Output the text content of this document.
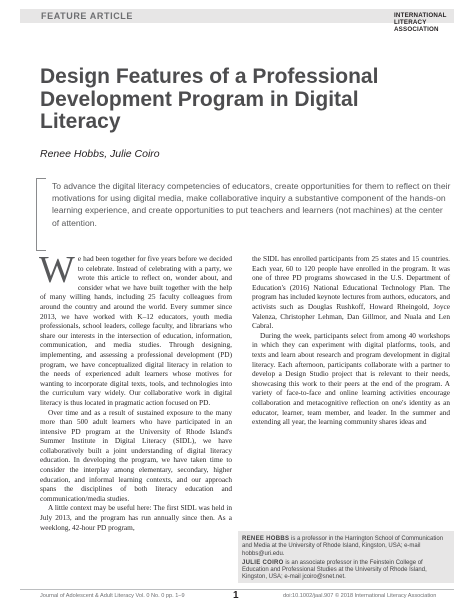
FEATURE ARTICLE	INTERNATIONAL
LITERACY
ASSOCIATION
Design Features of a Professional Development Program in Digital Literacy
Renee Hobbs, Julie Coiro
To advance the digital literacy competencies of educators, create opportunities for them to reflect on their motivations for using digital media, make collaborative inquiry a substantive component of the hands-on learning experience, and create opportunities to put teachers and learners (not machines) at the center of attention.

We had been together for five years before we decided to celebrate. Instead of celebrating with a party, we wrote this article to reflect on, wonder about, and consider what we have built together with the help of many willing hands, including 25 faculty colleagues from around the country and around the world. Every summer since 2013, we have worked with K–12 educators, youth media professionals, school leaders, college faculty, and librarians who share our interests in the intersection of education, information, communication, and media studies. Through designing, implementing, and assessing a professional development (PD) program, we have conceptualized digital literacy in relation to the needs of experienced adult learners whose motives for wanting to incorporate digital texts, tools, and technologies into the curriculum vary widely. Our collaborative work in digital literacy is thus located in pragmatic action focused on PD.

Over time and as a result of sustained exposure to the many more than 500 adult learners who have participated in an intensive PD program at the University of Rhode Island's Summer Institute in Digital Literacy (SIDL), we have collaboratively built a joint understanding of digital literacy education. In developing the program, we have taken time to consider the interplay among elementary, secondary, higher education, and informal learning contexts, and our approach spans the disciplines of both literacy education and communication/media studies.

A little context may be useful here: The first SIDL was held in July 2013, and the program has run annually since then. As a weeklong, 42-hour PD program,

the SIDL has enrolled participants from 25 states and 15 countries. Each year, 60 to 120 people have enrolled in the program. It was one of three PD programs showcased in the U.S. Department of Education's (2016) National Educational Technology Plan. The program has included keynote lectures from authors, educators, and activists such as Douglas Rushkoff, Howard Rheingold, Joyce Valenza, Christopher Lehman, Dan Gillmor, and Nuala and Len Cabral.

During the week, participants select from among 40 workshops in which they can experiment with digital platforms, tools, and texts and learn about research and program development in digital literacy. Each afternoon, participants collaborate with a partner to develop a Design Studio project that is relevant to their needs, showcasing this work to their peers at the end of the program. A variety of face-to-face and online learning activities encourage collaboration and metacognitive reflection on one's identity as an educator, learner, team member, and leader. In the summer and extending all year, the learning community shares ideas and

RENEE HOBBS is a professor in the Harrington School of Communication and Media at the University of Rhode Island, Kingston, USA; e-mail hobbs@uri.edu.

JULIE COIRO is an associate professor in the Feinstein College of Education and Professional Studies at the University of Rhode Island, Kingston, USA; e-mail jcoiro@snet.net.

Journal of Adolescent & Adult Literacy Vol. 0 No. 0 pp. 1–9	1	doi:10.1002/jaal.907 © 2018 International Literacy Association
